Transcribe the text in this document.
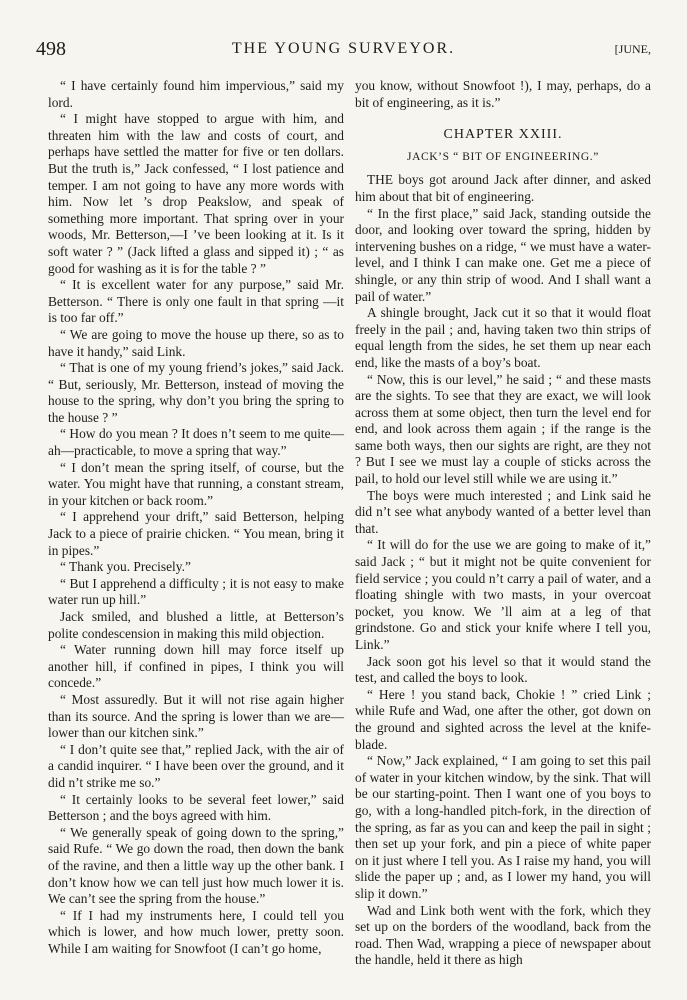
498	THE YOUNG SURVEYOR.	[JUNE,

“ I have certainly found him impervious,” said my lord.

“ I might have stopped to argue with him, and threaten him with the law and costs of court, and perhaps have settled the matter for five or ten dollars. But the truth is,” Jack confessed, “ I lost patience and temper. I am not going to have any more words with him. Now let ’s drop Peakslow, and speak of something more important. That spring over in your woods, Mr. Betterson,—I ’ve been looking at it. Is it soft water ? ” (Jack lifted a glass and sipped it) ; “ as good for washing as it is for the table ? ”

“ It is excellent water for any purpose,” said Mr. Betterson. “ There is only one fault in that spring —it is too far off.”

“ We are going to move the house up there, so as to have it handy,” said Link.

“ That is one of my young friend’s jokes,” said Jack. “ But, seriously, Mr. Betterson, instead of moving the house to the spring, why don’t you bring the spring to the house ? ”

“ How do you mean ? It does n’t seem to me quite—ah—practicable, to move a spring that way.”

“ I don’t mean the spring itself, of course, but the water. You might have that running, a constant stream, in your kitchen or back room.”

“ I apprehend your drift,” said Betterson, helping Jack to a piece of prairie chicken. “ You mean, bring it in pipes.”

“ Thank you. Precisely.”

“ But I apprehend a difficulty ; it is not easy to make water run up hill.”

Jack smiled, and blushed a little, at Betterson’s polite condescension in making this mild objection.

“ Water running down hill may force itself up another hill, if confined in pipes, I think you will concede.”

“ Most assuredly. But it will not rise again higher than its source. And the spring is lower than we are—lower than our kitchen sink.”

“ I don’t quite see that,” replied Jack, with the air of a candid inquirer. “ I have been over the ground, and it did n’t strike me so.”

“ It certainly looks to be several feet lower,” said Betterson ; and the boys agreed with him.

“ We generally speak of going down to the spring,” said Rufe. “ We go down the road, then down the bank of the ravine, and then a little way up the other bank. I don’t know how we can tell just how much lower it is. We can’t see the spring from the house.”

“ If I had my instruments here, I could tell you which is lower, and how much lower, pretty soon. While I am waiting for Snowfoot (I can’t go home,

you know, without Snowfoot !), I may, perhaps, do a bit of engineering, as it is.”

CHAPTER XXIII.
JACK’S “ BIT OF ENGINEERING.”

THE boys got around Jack after dinner, and asked him about that bit of engineering.

“ In the first place,” said Jack, standing outside the door, and looking over toward the spring, hidden by intervening bushes on a ridge, “ we must have a water-level, and I think I can make one. Get me a piece of shingle, or any thin strip of wood. And I shall want a pail of water.”

A shingle brought, Jack cut it so that it would float freely in the pail ; and, having taken two thin strips of equal length from the sides, he set them up near each end, like the masts of a boy’s boat.

“ Now, this is our level,” he said ; “ and these masts are the sights. To see that they are exact, we will look across them at some object, then turn the level end for end, and look across them again ; if the range is the same both ways, then our sights are right, are they not ? But I see we must lay a couple of sticks across the pail, to hold our level still while we are using it.”

The boys were much interested ; and Link said he did n’t see what anybody wanted of a better level than that.

“ It will do for the use we are going to make of it,” said Jack ; “ but it might not be quite convenient for field service ; you could n’t carry a pail of water, and a floating shingle with two masts, in your overcoat pocket, you know. We ’ll aim at a leg of that grindstone. Go and stick your knife where I tell you, Link.”

Jack soon got his level so that it would stand the test, and called the boys to look.

“ Here ! you stand back, Chokie ! ” cried Link ; while Rufe and Wad, one after the other, got down on the ground and sighted across the level at the knife-blade.

“ Now,” Jack explained, “ I am going to set this pail of water in your kitchen window, by the sink. That will be our starting-point. Then I want one of you boys to go, with a long-handled pitch-fork, in the direction of the spring, as far as you can and keep the pail in sight ; then set up your fork, and pin a piece of white paper on it just where I tell you. As I raise my hand, you will slide the paper up ; and, as I lower my hand, you will slip it down.”

Wad and Link both went with the fork, which they set up on the borders of the woodland, back from the road. Then Wad, wrapping a piece of newspaper about the handle, held it there as high
